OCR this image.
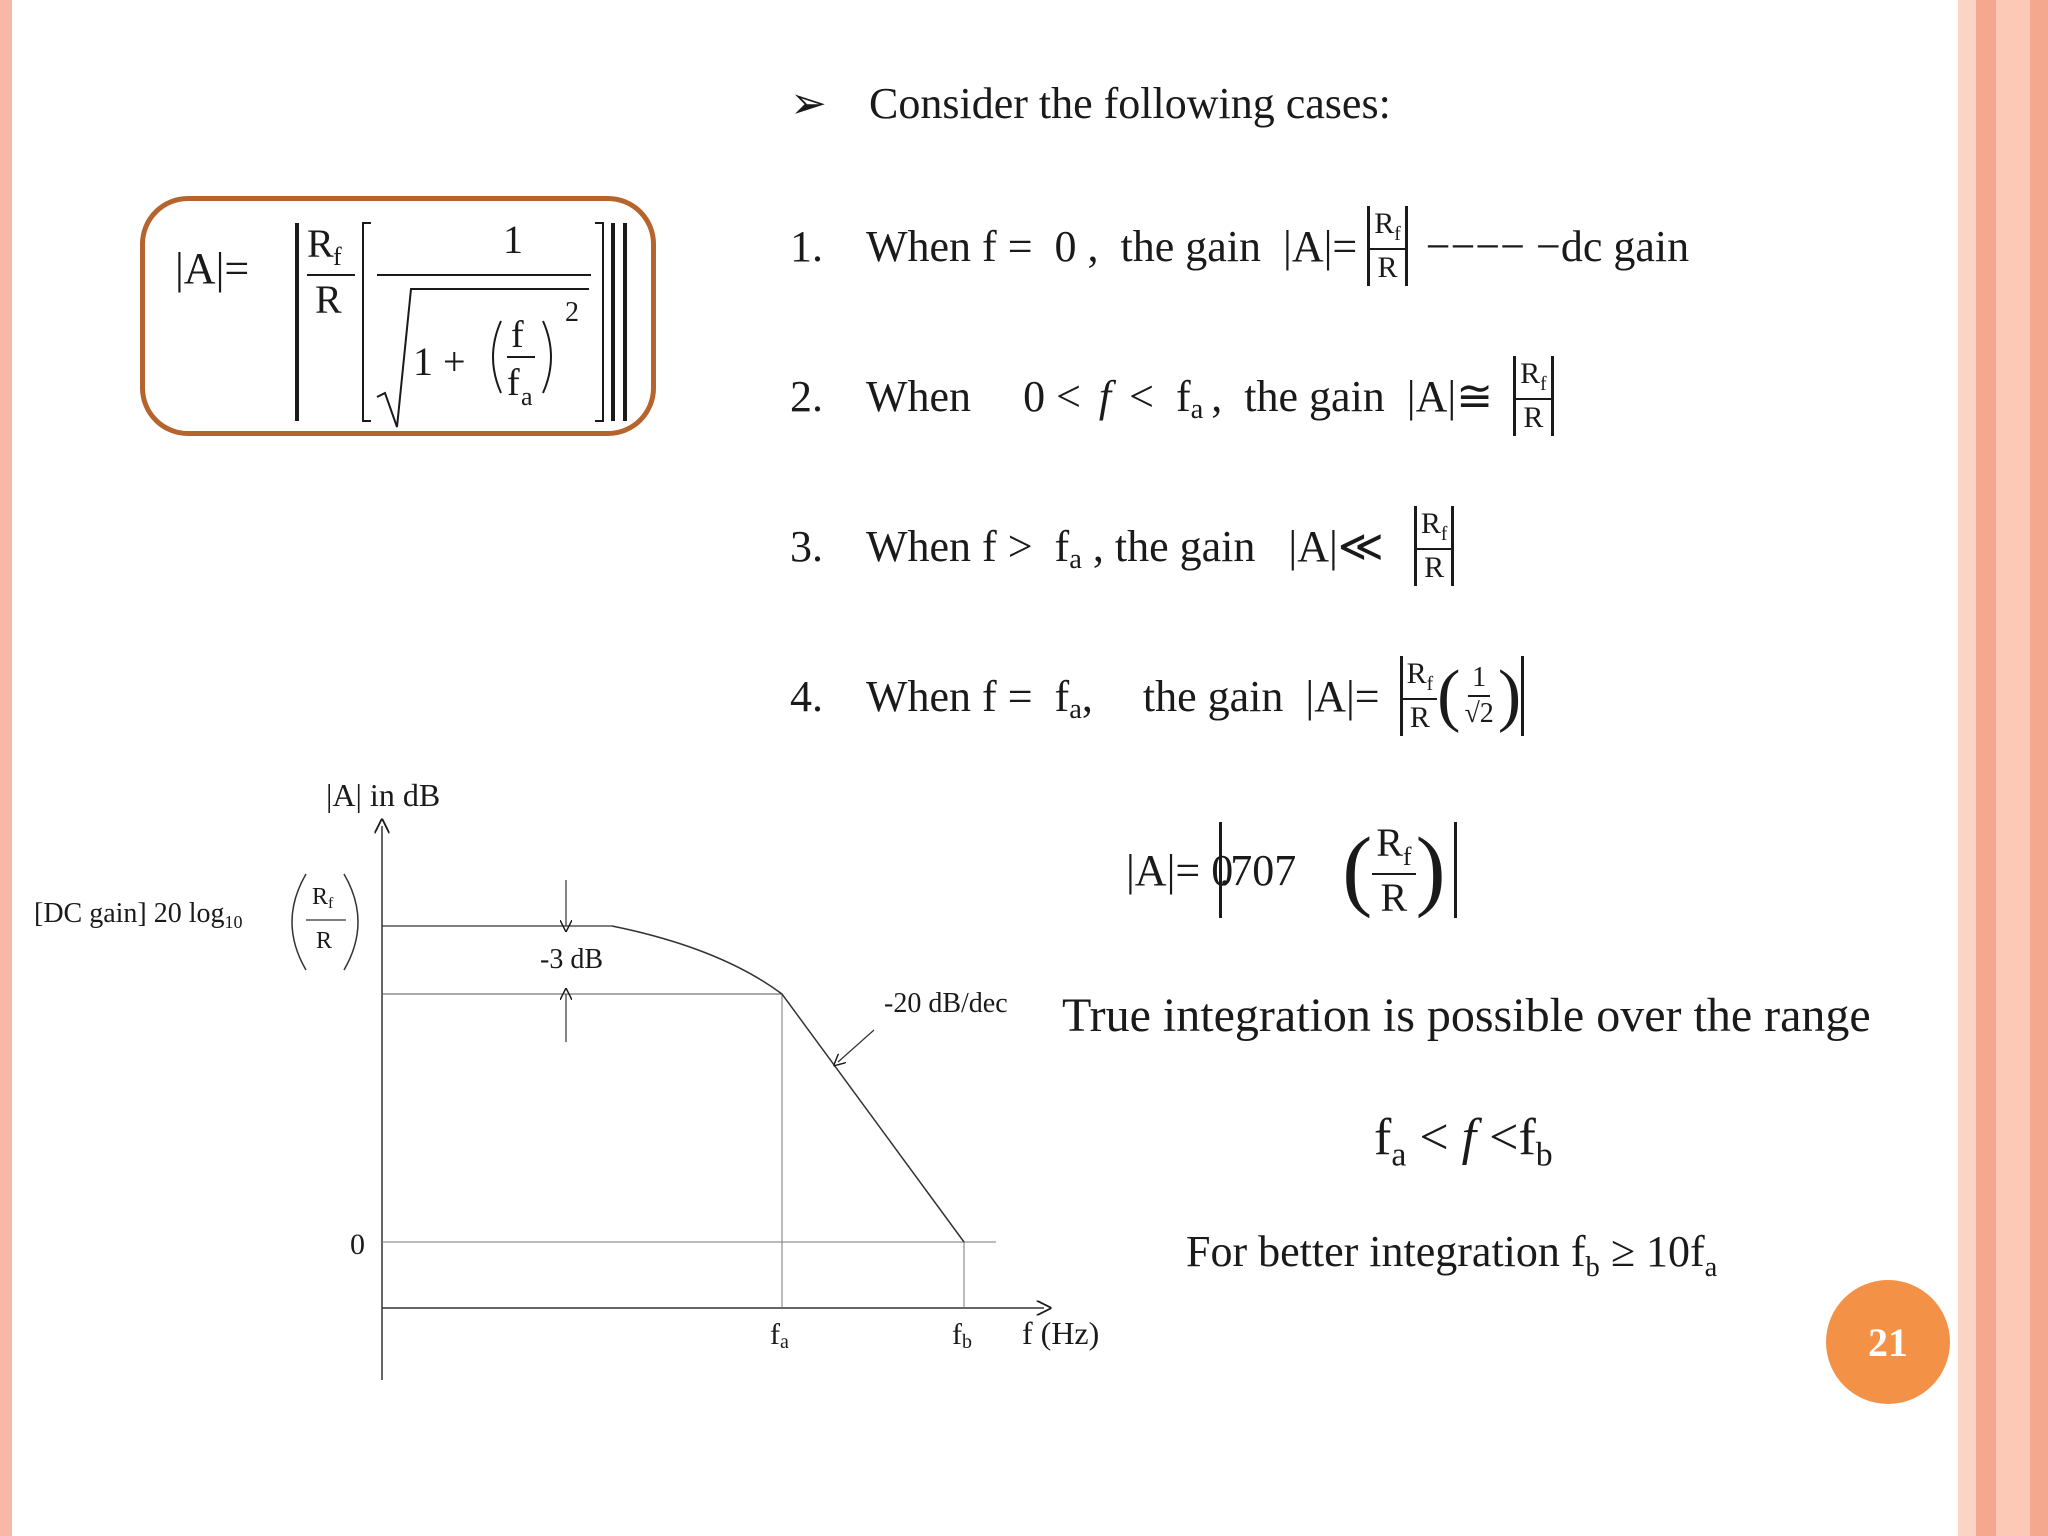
➢ Consider the following cases:
|A|=
R f
R
1
1 +
f
f a
2
1. When f =  0 ,  the gain  $|A|= \frac{R_f}{R}$ −−−− −dc gain
2. When $0 < f < f_a$ ,  the gain  |A|≅ $\frac{R_f}{R}$
3. When $f > f_a$ , the gain   |A|≪ $\frac{R_f}{R}$
4. When $f = f_a$ , the gain  $|A|= \frac{R_f}{R}$ ( $\frac{1}{√2}$ )
|A|= 0
.707 ( $\frac{R_f}{R}$ )
True integration is possible over the range
$f_a < f <f_b$
For better integration $f_b \ge 10f_a$
21
|A| in dB
f (Hz)
[DC gain] 20 $\log_{10}$
Rf
R
-3 dB
-20 dB/dec
0
fa	fb
